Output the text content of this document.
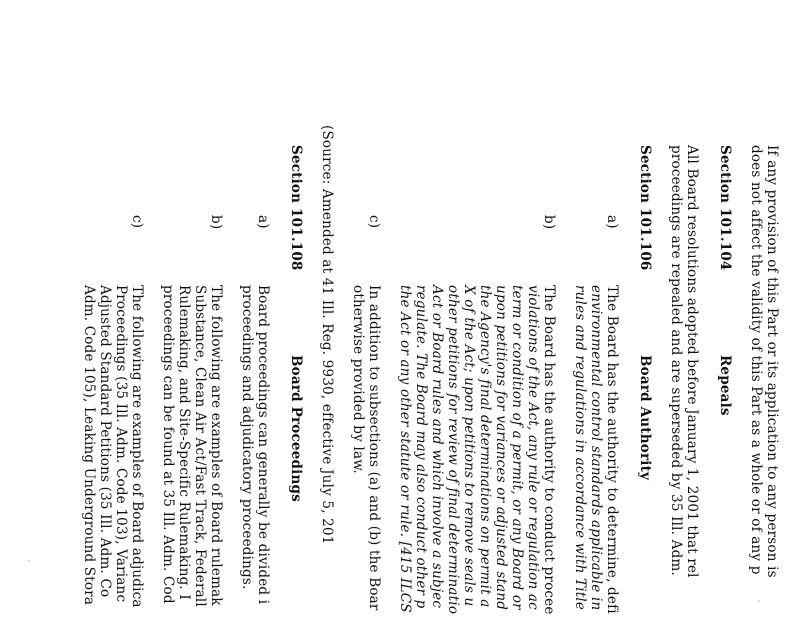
If any provision of this Part or its application to any person is
does not affect the validity of this Part as a whole or of any p
Section 101.104
Repeals
All Board resolutions adopted before January 1, 2001 that rel
proceedings are repealed and are superseded by 35 Ill. Adm.
Section 101.106
Board Authority
a)
The Board has the authority to determine, defi
environmental control standards applicable in
rules and regulations in accordance with Title
b)
The Board has the authority to conduct procee
violations of the Act, any rule or regulation ac
term or condition of a permit, or any Board or
upon petitions for variances or adjusted stand
the Agency's final determinations on permit a
X of the Act; upon petitions to remove seals u
other petitions for review of final determinatio
Act or Board rules and which involve a subjec
regulate. The Board may also conduct other p
the Act or any other statute or rule. [415 ILCS
c)
In addition to subsections (a) and (b) the Boar
otherwise provided by law.
(Source: Amended at 41 Ill. Reg. 9930, effective July 5, 201
Section 101.108
Board Proceedings
a)
Board proceedings can generally be divided i
proceedings and adjudicatory proceedings.
b)
The following are examples of Board rulemak
Substance, Clean Air Act/Fast Track, Federall
Rulemaking, and Site-Specific Rulemaking. I
proceedings can be found at 35 Ill. Adm. Cod
c)
The following are examples of Board adjudica
Proceedings (35 Ill. Adm. Code 103), Varianc
Adjusted Standard Petitions (35 Ill. Adm. Co
Adm. Code 105), Leaking Underground Stora
